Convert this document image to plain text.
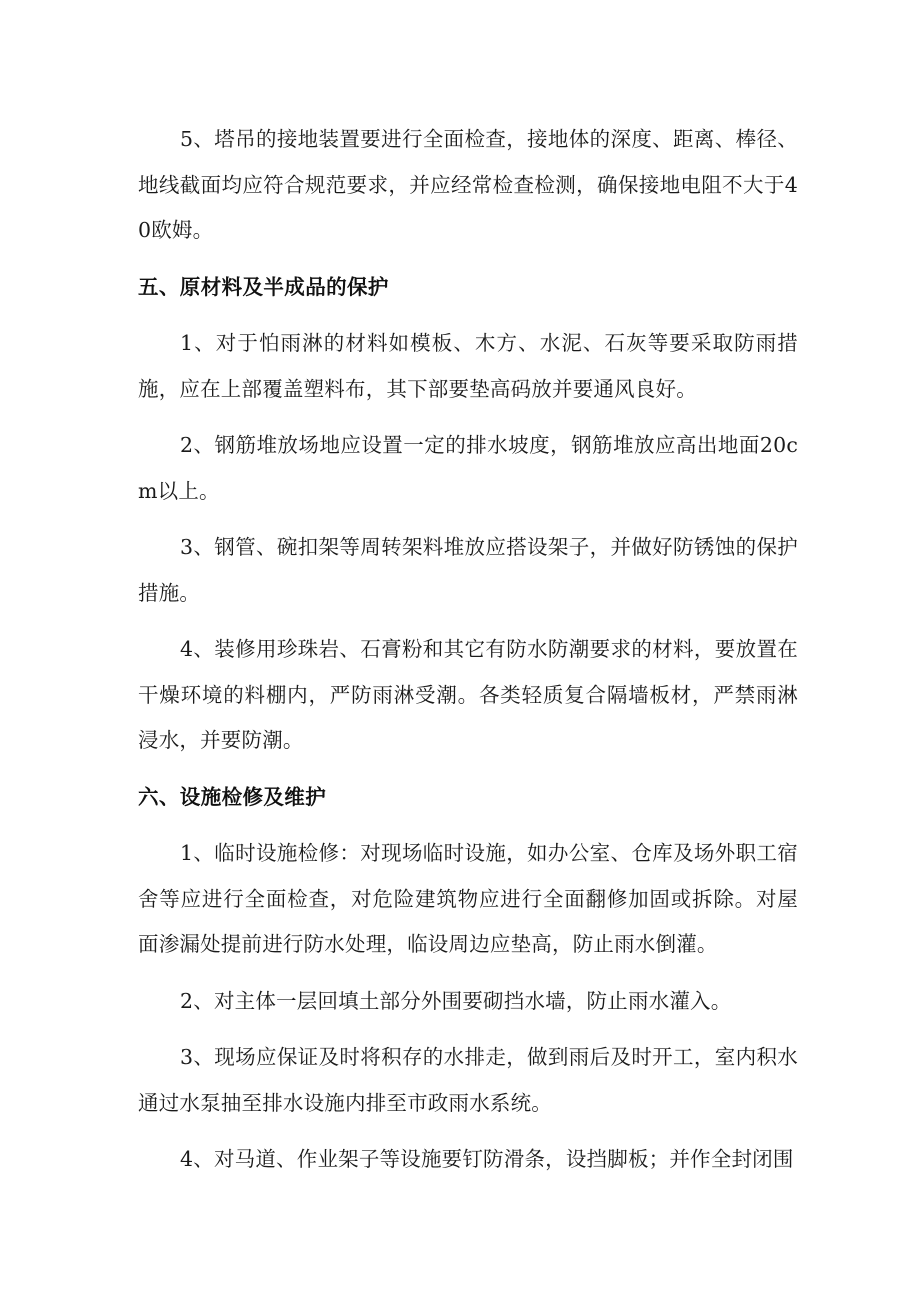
5、塔吊的接地装置要进行全面检查，接地体的深度、距离、棒径、地线截面均应符合规范要求，并应经常检查检测，确保接地电阻不大于40欧姆。

五、原材料及半成品的保护

1、对于怕雨淋的材料如模板、木方、水泥、石灰等要采取防雨措施，应在上部覆盖塑料布，其下部要垫高码放并要通风良好。

2、钢筋堆放场地应设置一定的排水坡度，钢筋堆放应高出地面20cm以上。

3、钢管、碗扣架等周转架料堆放应搭设架子，并做好防锈蚀的保护措施。

4、装修用珍珠岩、石膏粉和其它有防水防潮要求的材料，要放置在干燥环境的料棚内，严防雨淋受潮。各类轻质复合隔墙板材，严禁雨淋浸水，并要防潮。

六、设施检修及维护

1、临时设施检修：对现场临时设施，如办公室、仓库及场外职工宿舍等应进行全面检查，对危险建筑物应进行全面翻修加固或拆除。对屋面渗漏处提前进行防水处理，临设周边应垫高，防止雨水倒灌。

2、对主体一层回填土部分外围要砌挡水墙，防止雨水灌入。

3、现场应保证及时将积存的水排走，做到雨后及时开工，室内积水通过水泵抽至排水设施内排至市政雨水系统。

4、对马道、作业架子等设施要钉防滑条，设挡脚板；并作全封闭围
